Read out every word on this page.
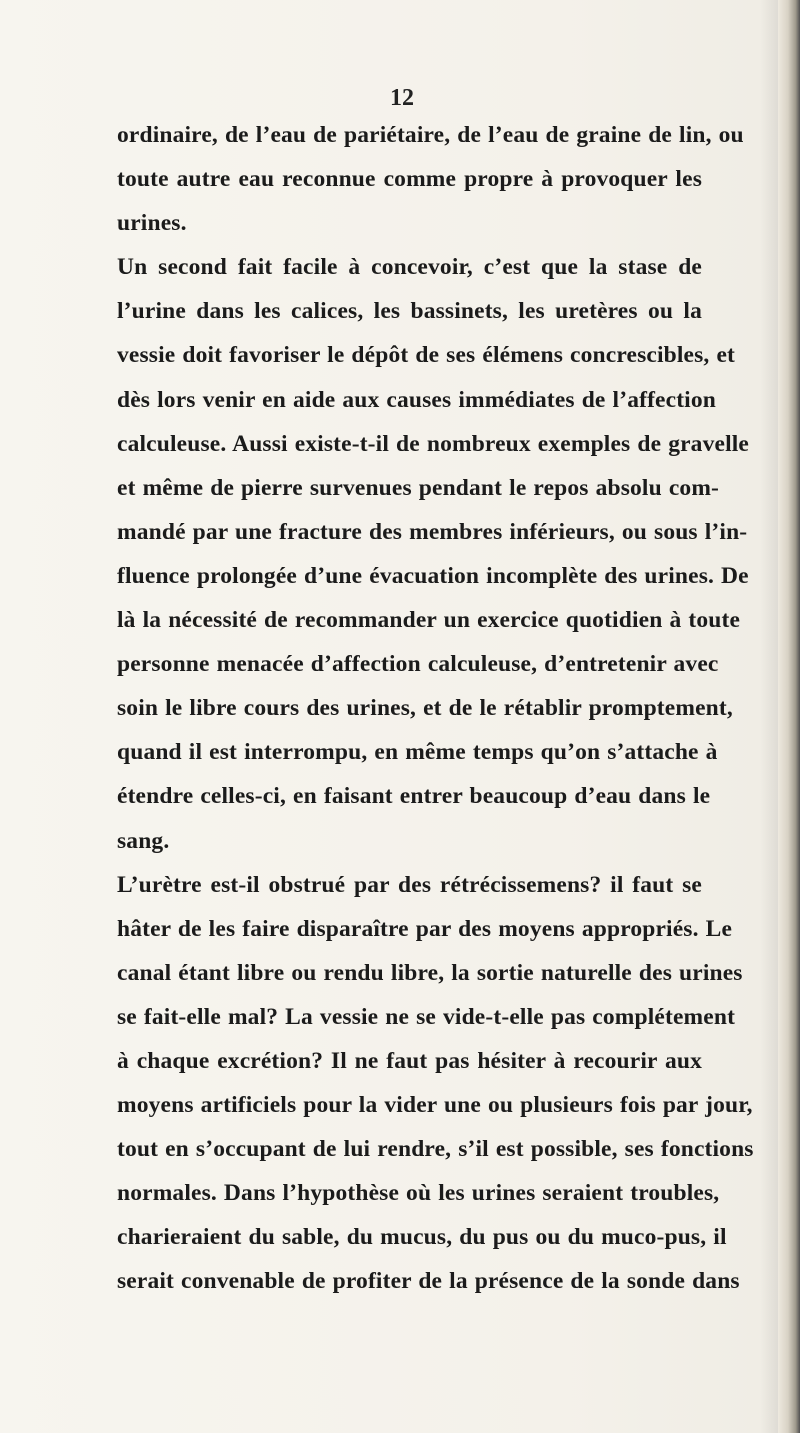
12

ordinaire, de l’eau de pariétaire, de l’eau de graine de lin, ou
toute autre eau reconnue comme propre à provoquer les
urines.

Un second fait facile à concevoir, c’est que la stase de
l’urine dans les calices, les bassinets, les uretères ou la
vessie doit favoriser le dépôt de ses élémens concrescibles, et
dès lors venir en aide aux causes immédiates de l’affection
calculeuse. Aussi existe-t-il de nombreux exemples de gravelle
et même de pierre survenues pendant le repos absolu com-
mandé par une fracture des membres inférieurs, ou sous l’in-
fluence prolongée d’une évacuation incomplète des urines. De
là la nécessité de recommander un exercice quotidien à toute
personne menacée d’affection calculeuse, d’entretenir avec
soin le libre cours des urines, et de le rétablir promptement,
quand il est interrompu, en même temps qu’on s’attache à
étendre celles-ci, en faisant entrer beaucoup d’eau dans le
sang.

L’urètre est-il obstrué par des rétrécissemens? il faut se
hâter de les faire disparaître par des moyens appropriés. Le
canal étant libre ou rendu libre, la sortie naturelle des urines
se fait-elle mal? La vessie ne se vide-t-elle pas complétement
à chaque excrétion? Il ne faut pas hésiter à recourir aux
moyens artificiels pour la vider une ou plusieurs fois par jour,
tout en s’occupant de lui rendre, s’il est possible, ses fonctions
normales. Dans l’hypothèse où les urines seraient troubles,
charieraient du sable, du mucus, du pus ou du muco-pus, il
serait convenable de profiter de la présence de la sonde dans
